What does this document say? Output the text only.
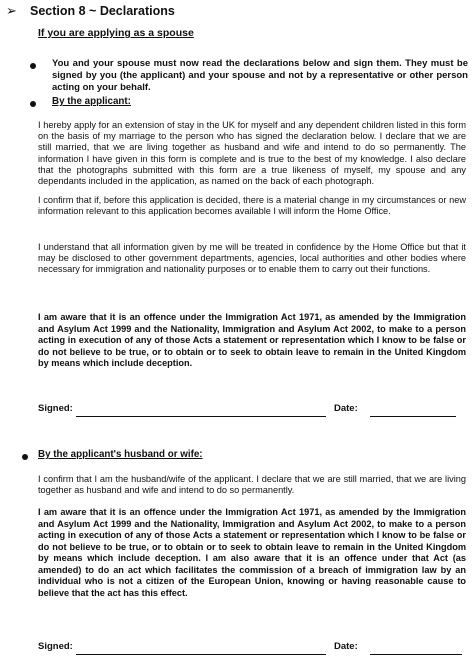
➢	Section 8 ~ Declarations
If you are applying as a spouse
You and your spouse must now read the declarations below and sign them. They must be signed by you (the applicant) and your spouse and not by a representative or other person acting on your behalf.
By the applicant:
I hereby apply for an extension of stay in the UK for myself and any dependent children listed in this form on the basis of my marriage to the person who has signed the declaration below. I declare that we are still married, that we are living together as husband and wife and intend to do so permanently. The information I have given in this form is complete and is true to the best of my knowledge. I also declare that the photographs submitted with this form are a true likeness of myself, my spouse and any dependants included in the application, as named on the back of each photograph.
I confirm that if, before this application is decided, there is a material change in my circumstances or new information relevant to this application becomes available I will inform the Home Office.
I understand that all information given by me will be treated in confidence by the Home Office but that it may be disclosed to other government departments, agencies, local authorities and other bodies where necessary for immigration and nationality purposes or to enable them to carry out their functions.
I am aware that it is an offence under the Immigration Act 1971, as amended by the Immigration and Asylum Act 1999 and the Nationality, Immigration and Asylum Act 2002, to make to a person acting in execution of any of those Acts a statement or representation which I know to be false or do not believe to be true, or to obtain or to seek to obtain leave to remain in the United Kingdom by means which include deception.
Signed:	Date:
By the applicant's husband or wife:
I confirm that I am the husband/wife of the applicant. I declare that we are still married, that we are living together as husband and wife and intend to do so permanently.
I am aware that it is an offence under the Immigration Act 1971, as amended by the Immigration and Asylum Act 1999 and the Nationality, Immigration and Asylum Act 2002, to make to a person acting in execution of any of those Acts a statement or representation which I know to be false or do not believe to be true, or to obtain or to seek to obtain leave to remain in the United Kingdom by means which include deception. I am also aware that it is an offence under that Act (as amended) to do an act which facilitates the commission of a breach of immigration law by an individual who is not a citizen of the European Union, knowing or having reasonable cause to believe that the act has this effect.
Signed:	Date:
